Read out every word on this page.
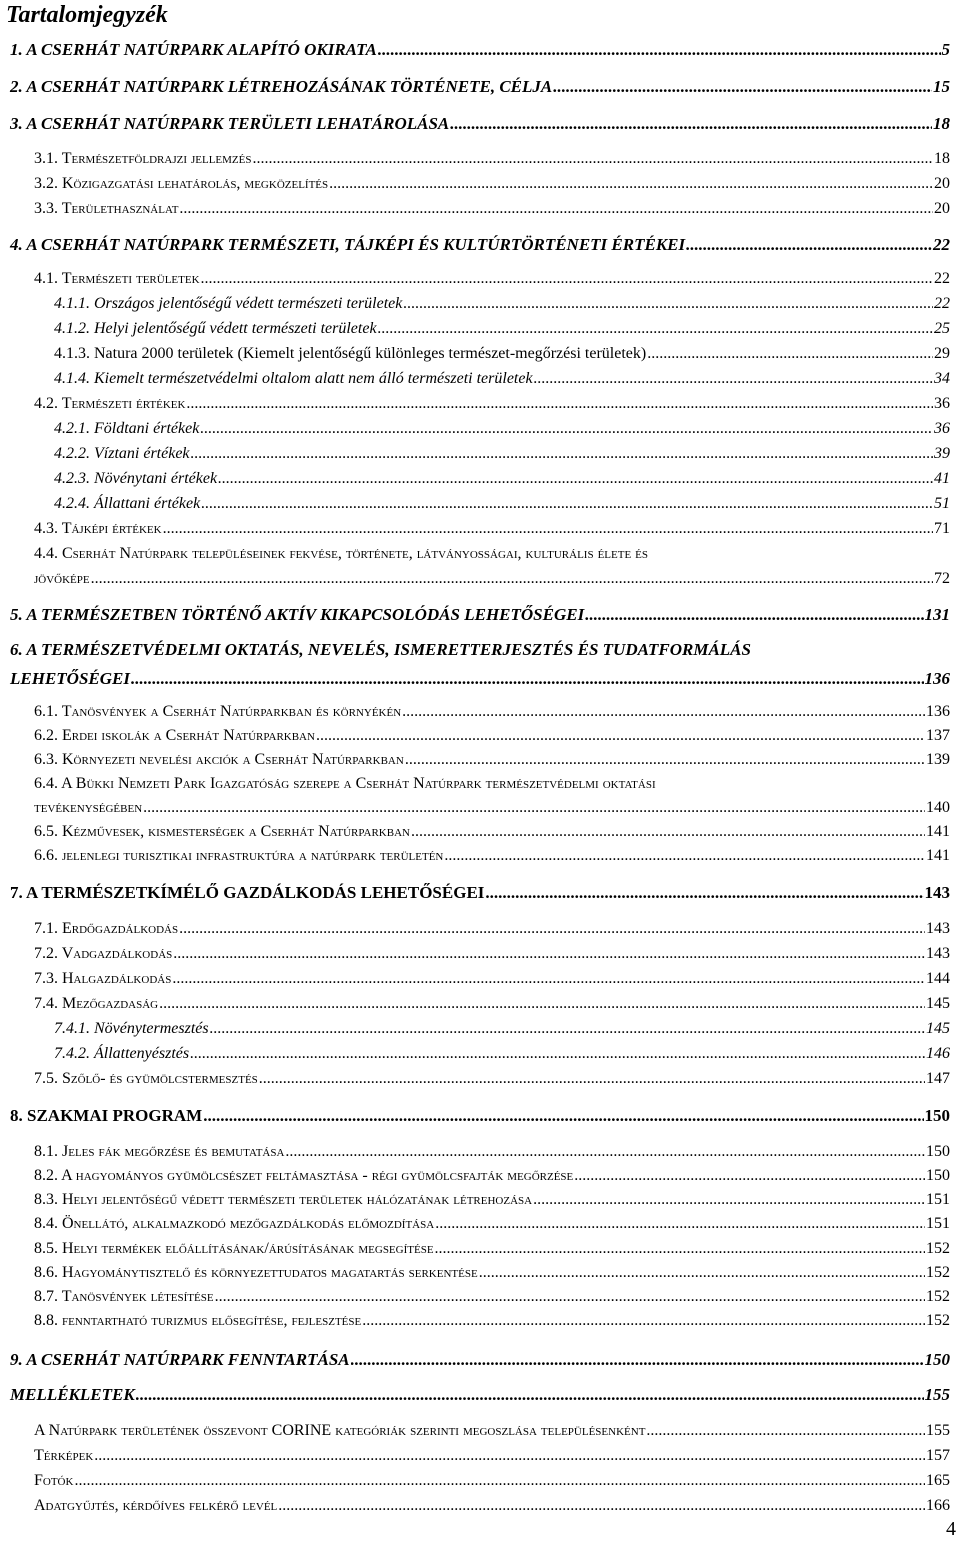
Tartalomjegyzék
1. A CSERHÁT NATÚRPARK ALAPÍTÓ OKIRATA .....	5
2. A CSERHÁT NATÚRPARK LÉTREHOZÁSÁNAK TÖRTÉNETE, CÉLJA .....	15
3. A CSERHÁT NATÚRPARK TERÜLETI LEHATÁROLÁSA .....	18
3.1. Természetföldrajzi jellemzés .....	18
3.2. Közigazgatási lehatárolás, megközelítés .....	20
3.3. Területhasználat .....	20
4. A CSERHÁT NATÚRPARK TERMÉSZETI, TÁJKÉPI ÉS KULTÚRTÖRTÉNETI ÉRTÉKEI .....	22
4.1. Természeti területek .....	22
4.1.1. Országos jelentőségű védett természeti területek .....	22
4.1.2. Helyi jelentőségű védett természeti területek .....	25
4.1.3. Natura 2000 területek (Kiemelt jelentőségű különleges természet-megőrzési területek) .....	29
4.1.4. Kiemelt természetvédelmi oltalom alatt nem álló természeti területek .....	34
4.2. Természeti értékek .....	36
4.2.1. Földtani értékek .....	36
4.2.2. Víztani értékek .....	39
4.2.3. Növénytani értékek .....	41
4.2.4. Állattani értékek .....	51
4.3. Tájképi értékek .....	71
4.4. Cserhát Natúrpark településeinek fekvése, története, látványosságai, kulturális élete és
jövőképe .....	72
5. A TERMÉSZETBEN TÖRTÉNŐ AKTÍV KIKAPCSOLÓDÁS LEHETŐSÉGEI .....	131
6. A TERMÉSZETVÉDELMI OKTATÁS, NEVELÉS, ISMERETTERJESZTÉS ÉS TUDATFORMÁLÁS
LEHETŐSÉGEI .....	136
6.1. Tanösvények a Cserhát Natúrparkban és környékén .....	136
6.2. Erdei iskolák a Cserhát Natúrparkban .....	137
6.3. Környezeti nevelési akciók a Cserhát Natúrparkban .....	139
6.4. A Bükki Nemzeti Park Igazgatóság szerepe a Cserhát Natúrpark természetvédelmi oktatási
tevékenységében .....	140
6.5. Kézművesek, kismesterségek a Cserhát Natúrparkban .....	141
6.6. jelenlegi turisztikai infrastruktúra a natúrpark területén .....	141
7. A TERMÉSZETKÍMÉLŐ GAZDÁLKODÁS LEHETŐSÉGEI .....	143
7.1. Erdőgazdálkodás .....	143
7.2. Vadgazdálkodás .....	143
7.3. Halgazdálkodás .....	144
7.4. Mezőgazdaság .....	145
7.4.1. Növénytermesztés .....	145
7.4.2. Állattenyésztés .....	146
7.5. Szőlő- és gyümölcstermesztés .....	147
8. SZAKMAI PROGRAM .....	150
8.1. Jeles fák megőrzése és bemutatása .....	150
8.2. A hagyományos gyümölcsészet feltámasztása - régi gyümölcsfajták megőrzése .....	150
8.3. Helyi jelentőségű védett természeti területek hálózatának létrehozása .....	151
8.4. Önellátó, alkalmazkodó mezőgazdálkodás előmozdítása .....	151
8.5. Helyi termékek előállításának/árúsításának megsegítése .....	152
8.6. Hagyománytisztelő és környezettudatos magatartás serkentése .....	152
8.7. Tanösvények létesítése .....	152
8.8. fenntartható turizmus elősegítése, fejlesztése .....	152
9. A CSERHÁT NATÚRPARK FENNTARTÁSA .....	150
MELLÉKLETEK .....	155
A Natúrpark területének összevont CORINE kategóriák szerinti megoszlása településenként .....	155
Térképek .....	157
Fotók .....	165
Adatgyűjtés, kérdőíves felkérő levél .....	166
4
